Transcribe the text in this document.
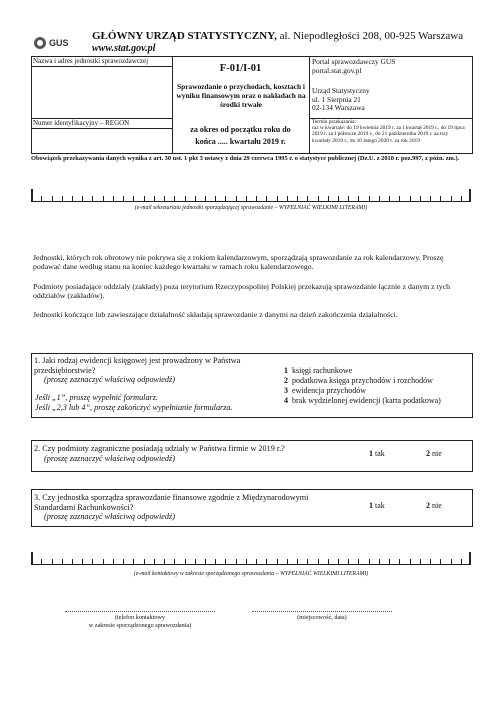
GUS
GŁÓWNY URZĄD STATYSTYCZNY, al. Niepodległości 208, 00-925 Warszawa
www.stat.gov.pl
Nazwa i adres jednostki sprawozdawczej
Numer identyfikacyjny – REGON
F-01/I-01
Sprawozdanie o przychodach, kosztach i wyniku finansowym oraz o nakładach na środki trwałe
za okres od początku roku do
końca ..... kwartału 2019 r.
Portal sprawozdawczy GUS
portal.stat.gov.pl
Urząd Statystyczny
ul. 1 Sierpnia 21
02-134 Warszawa
Termin przekazania:
raz w kwartale: do 19 kwietnia 2019 r. za I kwartał 2019 r., do 19 lipca 2019 r. za I półrocze 2019 r., do 21 października 2019 r. za trzy kwartały 2019 r., do 10 lutego 2020 r. za rok 2019
Obowiązek przekazywania danych wynika z art. 30 ust. 1 pkt 3 ustawy z dnia 29 czerwca 1995 r. o statystyce publicznej (Dz.U. z 2018 r. poz.997, z późn. zm.).
(e-mail sekretariatu jednostki sporządzającej sprawozdanie – WYPEŁNIAĆ WIELKIMI LITERAMI)
Jednostki, których rok obrotowy nie pokrywa się z rokiem kalendarzowym, sporządzają sprawozdanie za rok kalendarzowy. Proszę podawać dane według stanu na koniec każdego kwartału w ramach roku kalendarzowego.
Podmioty posiadające oddziały (zakłady) poza terytorium Rzeczypospolitej Polskiej przekazują sprawozdanie łącznie z danym z tych oddziałów (zakładów).
Jednostki kończące lub zawieszające działalność składają sprawozdanie z danymi na dzień zakończenia działalności.
1. Jaki rodzaj ewidencji księgowej jest prowadzony w Państwa przedsiębiorstwie?
(proszę zaznaczyć właściwą odpowiedź)
Jeśli „1”, proszę wypełnić formularz.
Jeśli „2,3 lub 4”, proszę zakończyć wypełnianie formularza.
1 księgi rachunkowe
2 podatkowa księga przychodów i rozchodów
3 ewidencja przychodów
4 brak wydzielonej ewidencji (karta podatkowa)
2. Czy podmioty zagraniczne posiadają udziały w Państwa firmie w 2019 r.?
(proszę zaznaczyć właściwą odpowiedź)
1 tak	2 nie
3. Czy jednostka sporządza sprawozdanie finansowe zgodnie z Międzynarodowymi Standardami Rachunkowości?
(proszę zaznaczyć właściwą odpowiedź)
1 tak	2 nie
(e-mail kontaktowy w zakresie sporządzonego sprawozdania – WYPEŁNIAĆ WIELKIMI LITERAMI)
(telefon kontaktowy
w zakresie sporządzonego sprawozdania)
(miejscowość, data)
